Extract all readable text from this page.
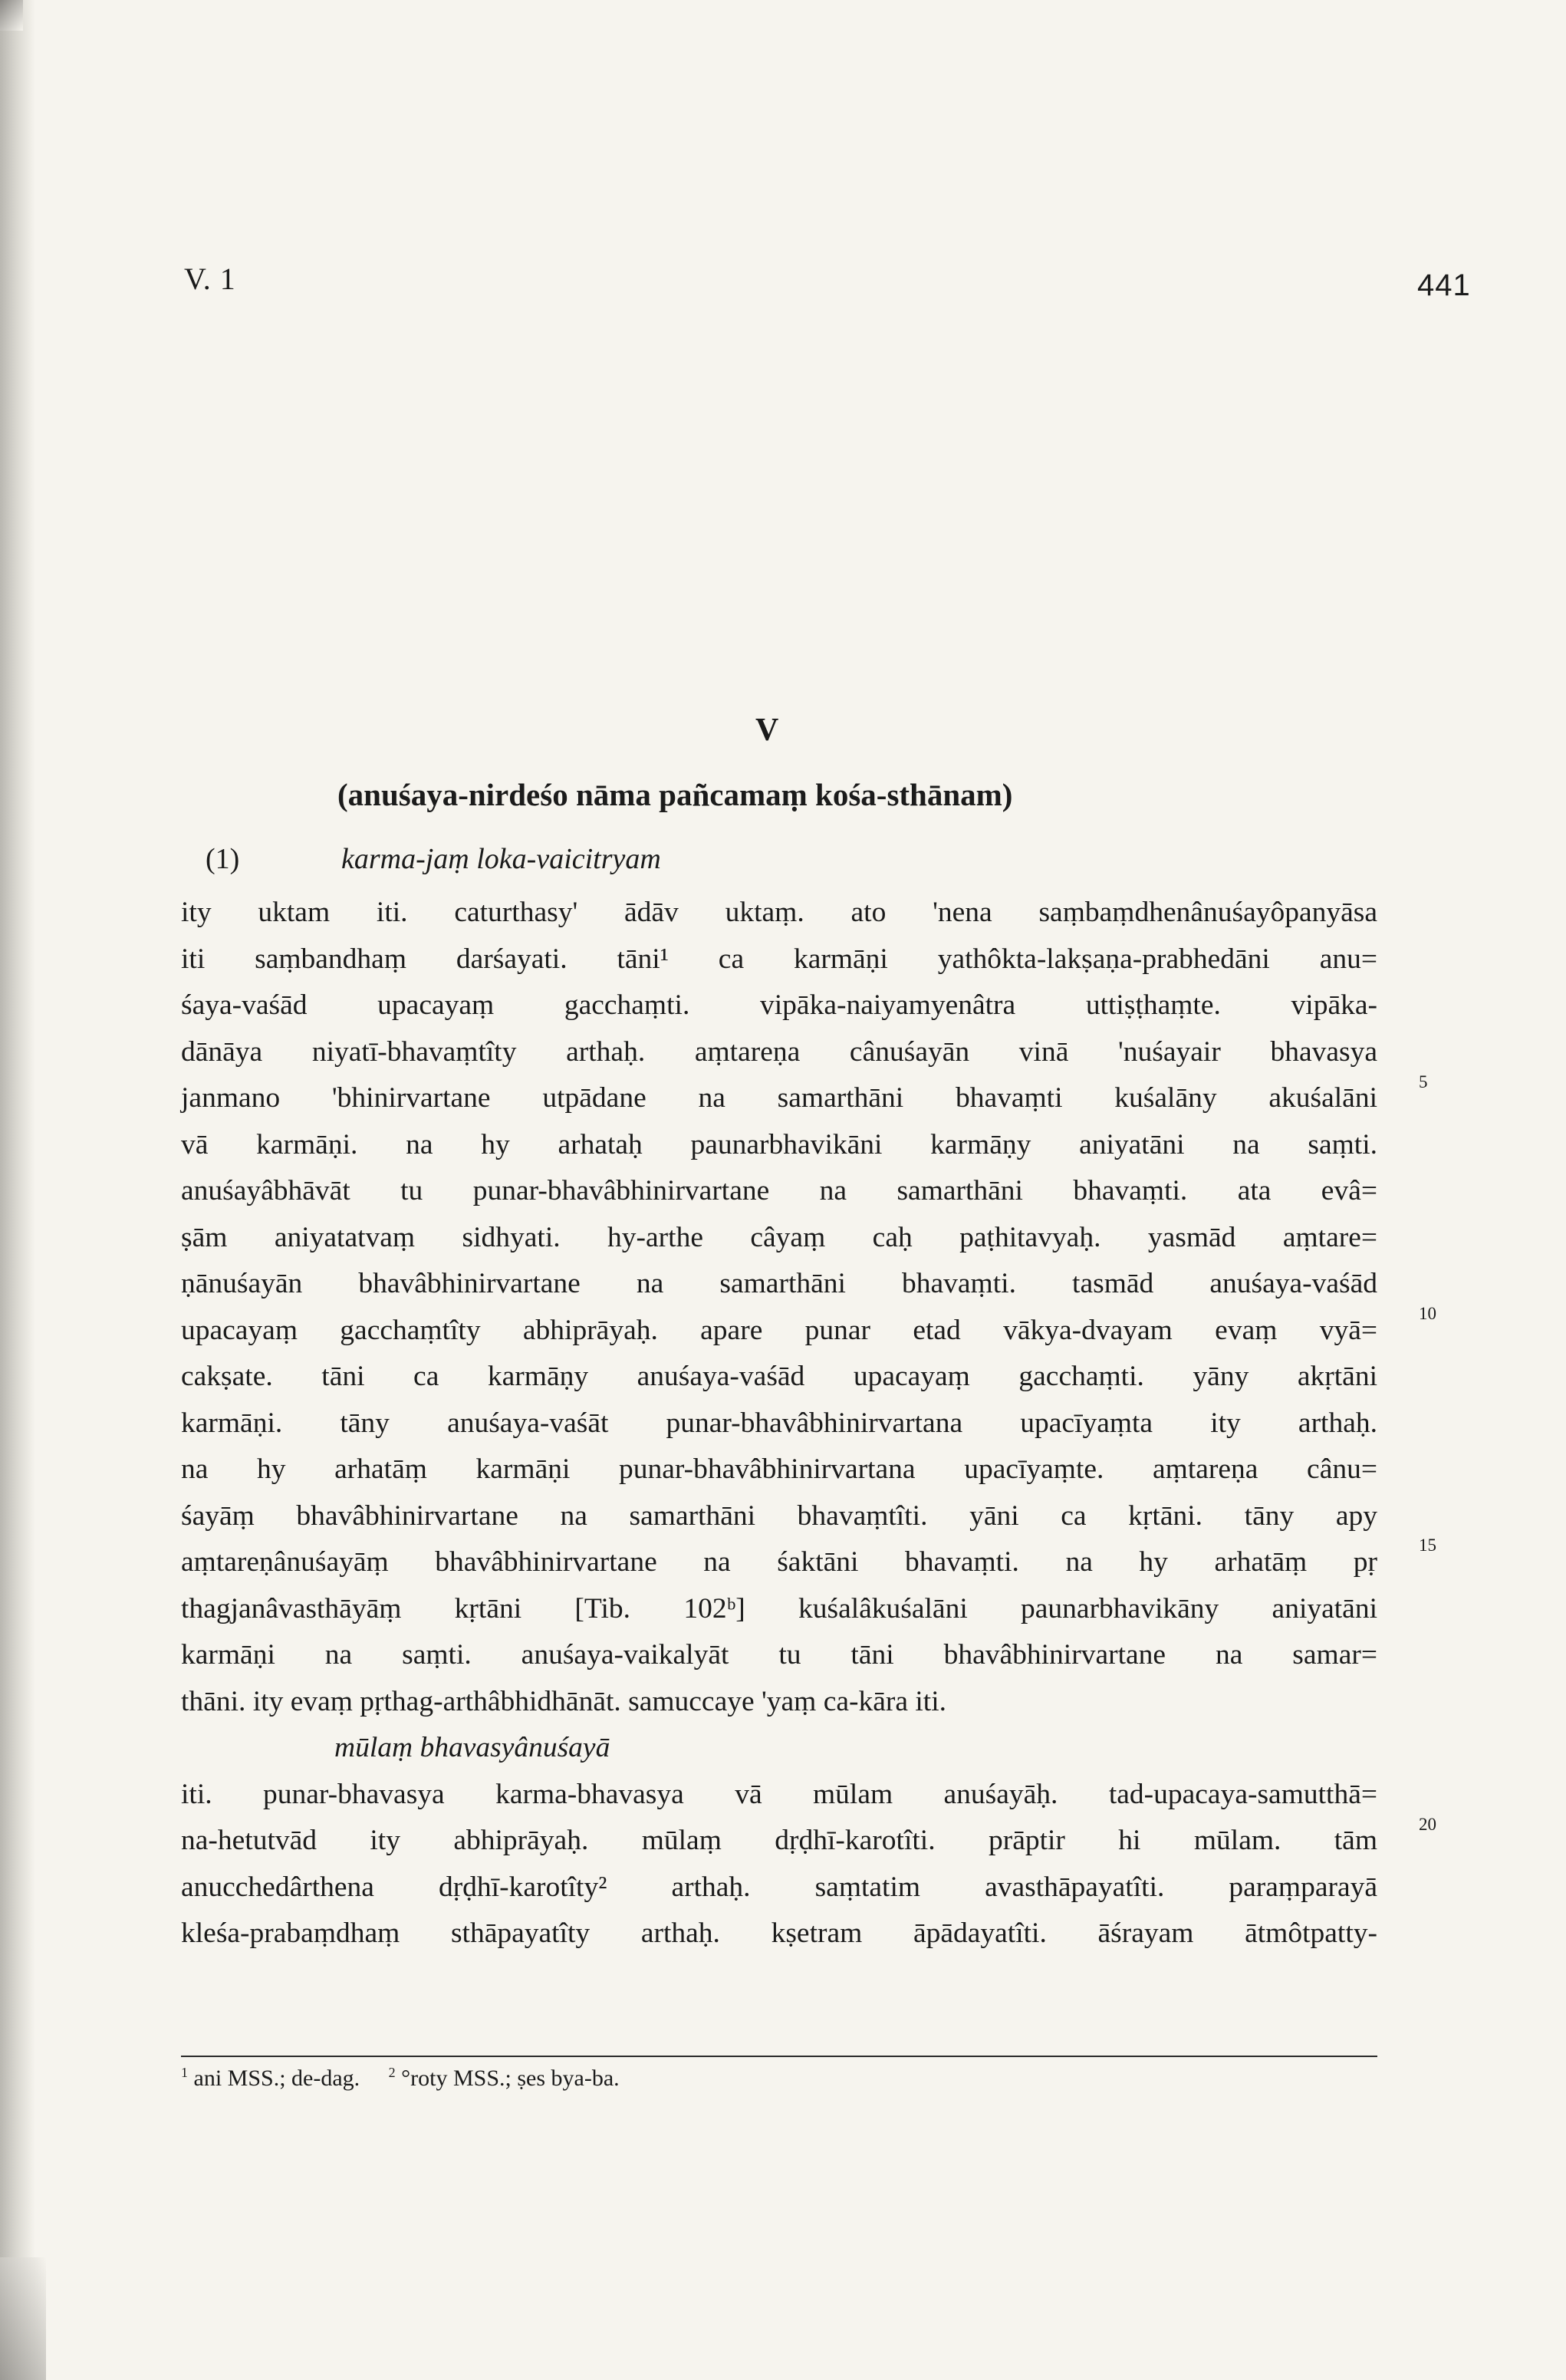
V. 1	441
V
(anuśaya-nirdeśo nāma pañcamaṃ kośa-sthānam)
(1)	karma-jaṃ loka-vaicitryam
ity uktam iti. caturthasy' ādāv uktaṃ. ato 'nena saṃbaṃdhenânuśayôpanyāsa
iti saṃbandhaṃ darśayati. tāni¹ ca karmāṇi yathôkta-lakṣaṇa-prabhedāni anu=
śaya-vaśād upacayaṃ gacchaṃti. vipāka-naiyamyenâtra uttiṣṭhaṃte. vipāka-
dānāya niyatī-bhavaṃtîty arthaḥ. aṃtareṇa cânuśayān vinā 'nuśayair bhavasya
janmano 'bhinirvartane utpādane na samarthāni bhavaṃti kuśalāny akuśalāni
vā karmāṇi. na hy arhataḥ paunarbhavikāni karmāṇy aniyatāni na saṃti.
anuśayâbhāvāt tu punar-bhavâbhinirvartane na samarthāni bhavaṃti. ata evâ=
ṣām aniyatatvaṃ sidhyati. hy-arthe câyaṃ caḥ paṭhitavyaḥ. yasmād aṃtare=
ṇānuśayān bhavâbhinirvartane na samarthāni bhavaṃti. tasmād anuśaya-vaśād
upacayaṃ gacchaṃtîty abhiprāyaḥ. apare punar etad vākya-dvayam evaṃ vyā=
cakṣate. tāni ca karmāṇy anuśaya-vaśād upacayaṃ gacchaṃti. yāny akṛtāni
karmāṇi. tāny anuśaya-vaśāt punar-bhavâbhinirvartana upacīyaṃta ity arthaḥ.
na hy arhatāṃ karmāṇi punar-bhavâbhinirvartana upacīyaṃte. aṃtareṇa cânu=
śayāṃ bhavâbhinirvartane na samarthāni bhavaṃtîti. yāni ca kṛtāni. tāny apy
aṃtareṇânuśayāṃ bhavâbhinirvartane na śaktāni bhavaṃti. na hy arhatāṃ pṛ
thagjanâvasthāyāṃ kṛtāni [Tib. 102ᵇ] kuśalâkuśalāni paunarbhavikāny aniyatāni
karmāṇi na saṃti. anuśaya-vaikalyāt tu tāni bhavâbhinirvartane na samar=
thāni. ity evaṃ pṛthag-arthâbhidhānāt. samuccaye 'yaṃ ca-kāra iti.
mūlaṃ bhavasyânuśayā
iti. punar-bhavasya karma-bhavasya vā mūlam anuśayāḥ. tad-upacaya-samutthā=
na-hetutvād ity abhiprāyaḥ. mūlaṃ dṛḍhī-karotîti. prāptir hi mūlam. tām
anucchedârthena dṛḍhī-karotîty² arthaḥ. saṃtatim avasthāpayatîti. paraṃparayā
kleśa-prabaṃdhaṃ sthāpayatîty arthaḥ. kṣetram āpādayatîti. āśrayam ātmôtpatty-
5
10
15
20
$^1$ ani MSS.; de-dag. $^2$ °roty MSS.; ṣes bya-ba.
